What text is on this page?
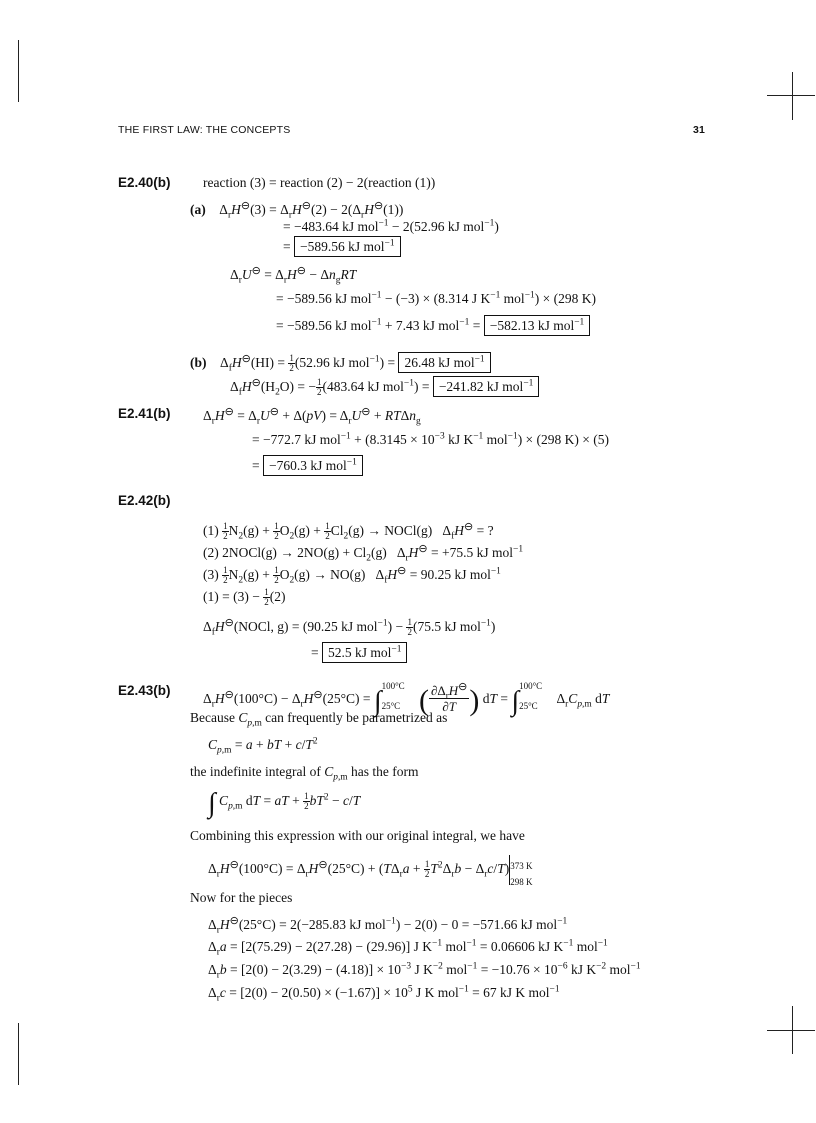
THE FIRST LAW: THE CONCEPTS	31
E2.40(b) reaction (3) = reaction (2) − 2(reaction (1))
(a)    $\Delta_rH^⊖(3) = \Delta_rH^⊖(2) - 2(\Delta_rH^⊖(1))$
= −483.64 kJ mol$^{-1}$ − 2(52.96 kJ mol$^{-1}$)
= −589.56 kJ mol$^{-1}$
$\Delta_rU^⊖ = \Delta_rH^⊖ - \Delta n_gRT$
= −589.56 kJ mol$^{-1}$ − (−3) × (8.314 J $K^{-1}$ mol$^{-1}$) × (298 K)
= −589.56 kJ mol$^{-1}$ + 7.43 kJ mol$^{-1}$ = −582.13 kJ mol$^{-1}$
(b)    $\Delta_fH^⊖(HI) = \frac{1}{2} (52.96$ kJ mol$^{-1}$) = 26.48 kJ mol$^{-1}$
$\Delta_fH^⊖(H_2O)$ = − $\frac{1}{2} (483.64$ kJ mol$^{-1}$) = −241.82 kJ mol$^{-1}$
E2.41(b) $\Delta_rH^⊖ = \Delta_rU^⊖ + \Delta(pV) = \Delta_rU^⊖ + RT\Delta n_g$
= −772.7 kJ $mol^{-1} + (8.3145 \times 10^{-3}$ kJ $K^{-1}$ mol$^{-1}$) × (298 K) × (5)
= −760.3 kJ mol$^{-1}$
E2.42(b)
$(1) \frac{1}{2} N_2(g) + \frac{1}{2} O_2(g) + \frac{1}{2} Cl_2(g)$ → NOCl(g)   $\Delta_fH^⊖$ = ?
(2) 2NOCl(g) → $2NO(g) + Cl_2(g) \Delta_rH^⊖ = +75.5$ kJ mol$^{-1}$
$(3) \frac{1}{2} N_2(g) + \frac{1}{2} O_2(g) \to NO(g) \Delta_fH^⊖ = 90.25$ kJ mol$^{-1}$
$(1) = (3) - \frac{1}{2} (2)$
$\Delta_fH^⊖(NOCl$, g) = (90.25 kJ $mol^{-1}) - \frac{1}{2} (75.5$ kJ mol$^{-1}$)
= 52.5 kJ mol$^{-1}$
E2.43(b)
$\Delta_rH^⊖(100^\circ C) - \Delta_rH^⊖(25^\circ C)$ = ∫ 100°C
25°C ( $\partial\Delta_rH^⊖$
∂T ) dT = ∫ 100°C
25°C	$\Delta_rC_{p,m}$ dT
Because $C_{p,m}$ can frequently be parametrized as
$C_{p,m} = a$ + bT + $c/T^2$
the indefinite integral of $C_{p,m}$ has the form
∫ $C_{p,m}$ dT = aT + $\frac{1}{2} bT^2 - c/T$
Combining this expression with our original integral, we have
$\Delta_rH^⊖(100^\circ C) = \Delta_rH^⊖(25^\circ C) + (T\Delta_ra + \frac{1}{2} T^2\Delta_rb - \Delta_rc/T)$ 373 K
298 K
Now for the pieces
$\Delta_rH^⊖(25^\circ C) = 2(-285.83$ kJ mol$^{-1}$) − 2(0) − 0 = −571.66 kJ mol$^{-1}$
$\Delta_ra = [2(75.29) - 2(27.28) - (29.96)]$ J $K^{-1}$ mol$^{-1}$ = 0.06606 kJ $K^{-1}$ mol$^{-1}$
$\Delta_rb = [2(0) - 2(3.29) - (4.18)] \times 10^{-3}$ J $K^{-2}$ $mol^{-1} = -10.76 \times 10^{-6}$ kJ $K^{-2}$ mol$^{-1}$
$\Delta_rc = [2(0) - 2(0.50) \times (-1.67)] \times 10^5$ J K mol$^{-1}$ = 67 kJ K mol$^{-1}$
